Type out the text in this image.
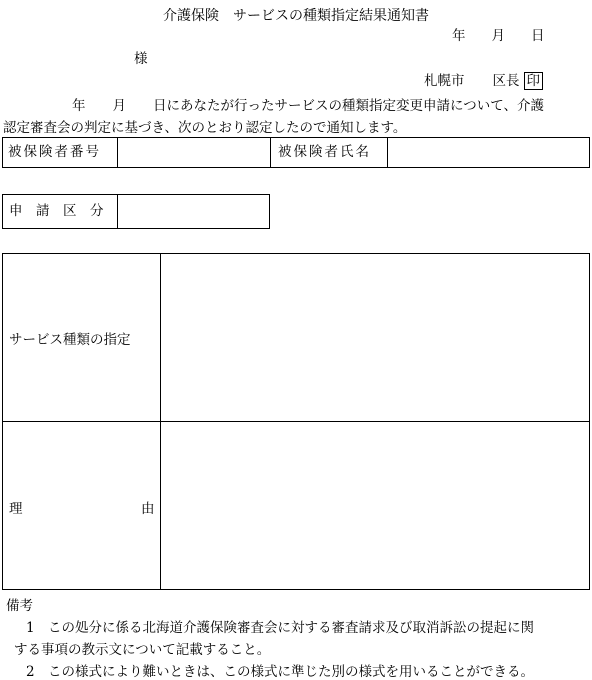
介護保険　サービスの種類指定結果通知書
年 月 日
様
札幌市 区長 印
年　　月　　日にあなたが行ったサービスの種類指定変更申請について、介護
認定審査会の判定に基づき、次のとおり認定したので通知します。
被保険者番号	被保険者氏名
申　請　区　分
サービス種類の指定
理	由
備考
1 この処分に係る北海道介護保険審査会に対する審査請求及び取消訴訟の提起に関
する事項の教示文について記載すること。
2 この様式により難いときは、この様式に準じた別の様式を用いることができる。
